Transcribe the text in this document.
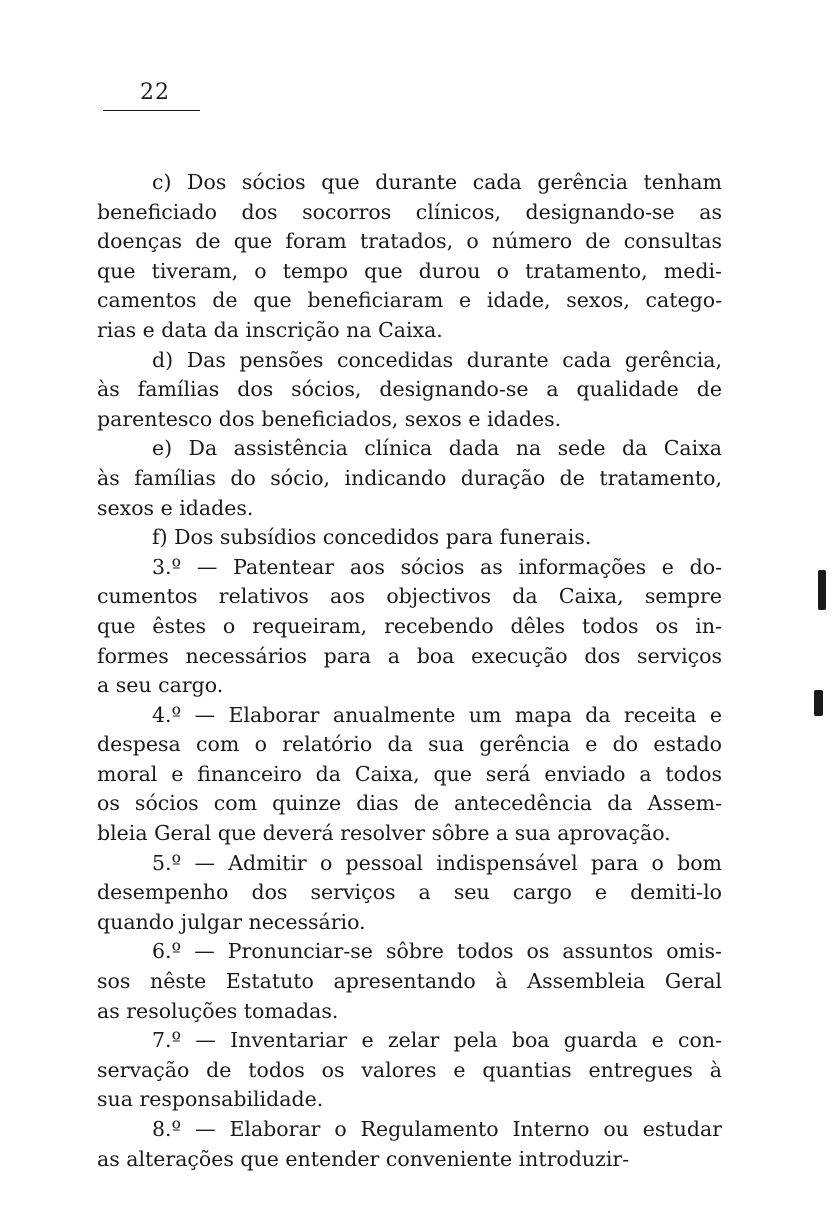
22
c) Dos sócios que durante cada gerência tenham
beneficiado dos socorros clínicos, designando-se as
doenças de que foram tratados, o número de consultas
que tiveram, o tempo que durou o tratamento, medi-
camentos de que beneficiaram e idade, sexos, catego-
rias e data da inscrição na Caixa.
d) Das pensões concedidas durante cada gerência,
às famílias dos sócios, designando-se a qualidade de
parentesco dos beneficiados, sexos e idades.
e) Da assistência clínica dada na sede da Caixa
às famílias do sócio, indicando duração de tratamento,
sexos e idades.
f) Dos subsídios concedidos para funerais.
3.º — Patentear aos sócios as informações e do-
cumentos relativos aos objectivos da Caixa, sempre
que êstes o requeiram, recebendo dêles todos os in-
formes necessários para a boa execução dos serviços
a seu cargo.
4.º — Elaborar anualmente um mapa da receita e
despesa com o relatório da sua gerência e do estado
moral e financeiro da Caixa, que será enviado a todos
os sócios com quinze dias de antecedência da Assem-
bleia Geral que deverá resolver sôbre a sua aprovação.
5.º — Admitir o pessoal indispensável para o bom
desempenho dos serviços a seu cargo e demiti-lo
quando julgar necessário.
6.º — Pronunciar-se sôbre todos os assuntos omis-
sos nêste Estatuto apresentando à Assembleia Geral
as resoluções tomadas.
7.º — Inventariar e zelar pela boa guarda e con-
servação de todos os valores e quantias entregues à
sua responsabilidade.
8.º — Elaborar o Regulamento Interno ou estudar
as alterações que entender conveniente introduzir-
